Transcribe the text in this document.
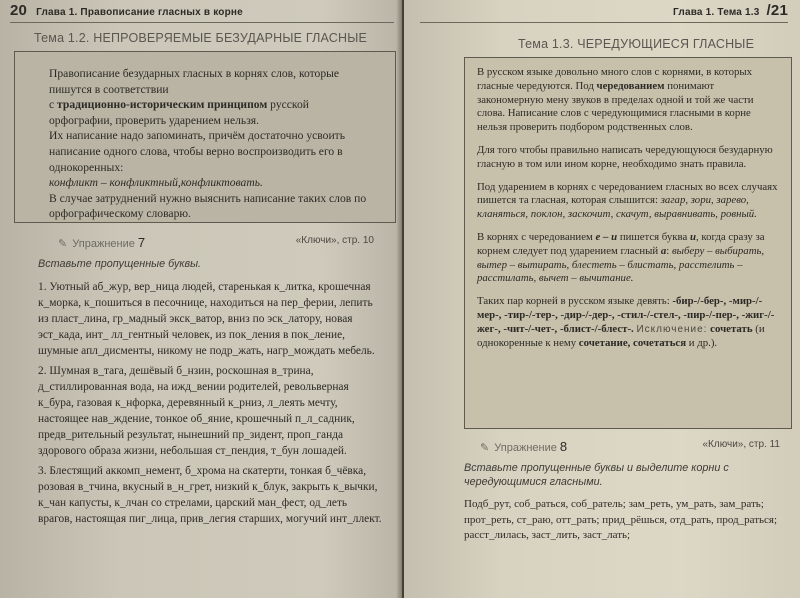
20 Глава 1. Правописание гласных в корне
Тема 1.2. НЕПРОВЕРЯЕМЫЕ БЕЗУДАРНЫЕ ГЛАСНЫЕ

Правописание безударных гласных в корнях слов, которые пишутся в соответствии

с традиционно-историческим принципом русской орфографии, проверить ударением нельзя.

Их написание надо запоминать, причём достаточно усвоить написание одного слова, чтобы верно воспроизводить его в однокоренных:

конфликт – конфликтный,конфликтовать.

В случае затруднений нужно выяснить написание таких слов по орфографическому словарю.

✎ Упражнение 7	«Ключи», стр. 10
Вставьте пропущенные буквы.

1. Уютный аб_жур, вер_ница людей, старенькая к_литка, крошечная к_морка, к_пошиться в песочнице, находиться на пер_ферии, лепить из пласт_лина, гр_мадный экск_ватор, вниз по эск_латору, новая эст_када, инт_ лл_гентный человек, из пок_ления в пок_ление, шумные апл_дисменты, никому не подр_жать, нагр_мождать мебель.

2. Шумная в_тага, дешёвый б_нзин, роскошная в_трина, д_стиллированная вода, на ижд_вении родителей, револьверная к_бура, газовая к_нфорка, деревянный к_рниз, л_леять мечту, настоящее нав_ждение, тонкое об_яние, крошечный п_л_садник, предв_рительный результат, нынешний пр_зидент, проп_ганда здорового образа жизни, небольшая ст_пендия, т_бун лошадей.

3. Блестящий аккомп_немент, б_хрома на скатерти, тонкая б_чёвка, розовая в_тчина, вкусный в_н_грет, низкий к_блук, закрыть к_вычки, к_чан капусты, к_лчан со стрелами, царский ман_фест, од_леть врагов, настоящая пиг_лица, прив_легия старших, могучий инт_ллект.

Глава 1. Тема 1.3 /21
Тема 1.3. ЧЕРЕДУЮЩИЕСЯ ГЛАСНЫЕ

В русском языке довольно много слов с корнями, в которых гласные чередуются. Под чередованием понимают закономерную мену звуков в пределах одной и той же части слова. Написание слов с чередующимися гласными в корне нельзя проверить подбором родственных слов.

Для того чтобы правильно написать чередующуюся безударную гласную в том или ином корне, необходимо знать правила.

Под ударением в корнях с чередованием гласных во всех случаях пишется та гласная, которая слышится: загар, зори, зарево, кланяться, поклон, заскочит, скачут, выравнивать, ровный.

В корнях с чередованием е – и пишется буква и, когда сразу за корнем следует под ударением гласный а: выберу – выбирать, вытер – вытирать, блестеть – блистать, расстелить – расстилать, вычет – вычитание.

Таких пар корней в русском языке девять: -бир-/-бер-, -мир-/-мер-, -тир-/-тер-, -дир-/-дер-, -стил-/-стел-, -пир-/-пер-, -жиг-/-жег-, -чит-/-чет-, -блист-/-блест-. Исключение: сочетать (и однокоренные к нему сочетание, сочетаться и др.).

✎ Упражнение 8	«Ключи», стр. 11
Вставьте пропущенные буквы и выделите корни с чередующимися гласными.

Подб_рут, соб_раться, соб_ратель; зам_реть, ум_рать, зам_рать; прот_реть, ст_раю, отт_рать; прид_рёшься, отд_рать, прод_раться; расст_лилась, заст_лить, заст_лать;
